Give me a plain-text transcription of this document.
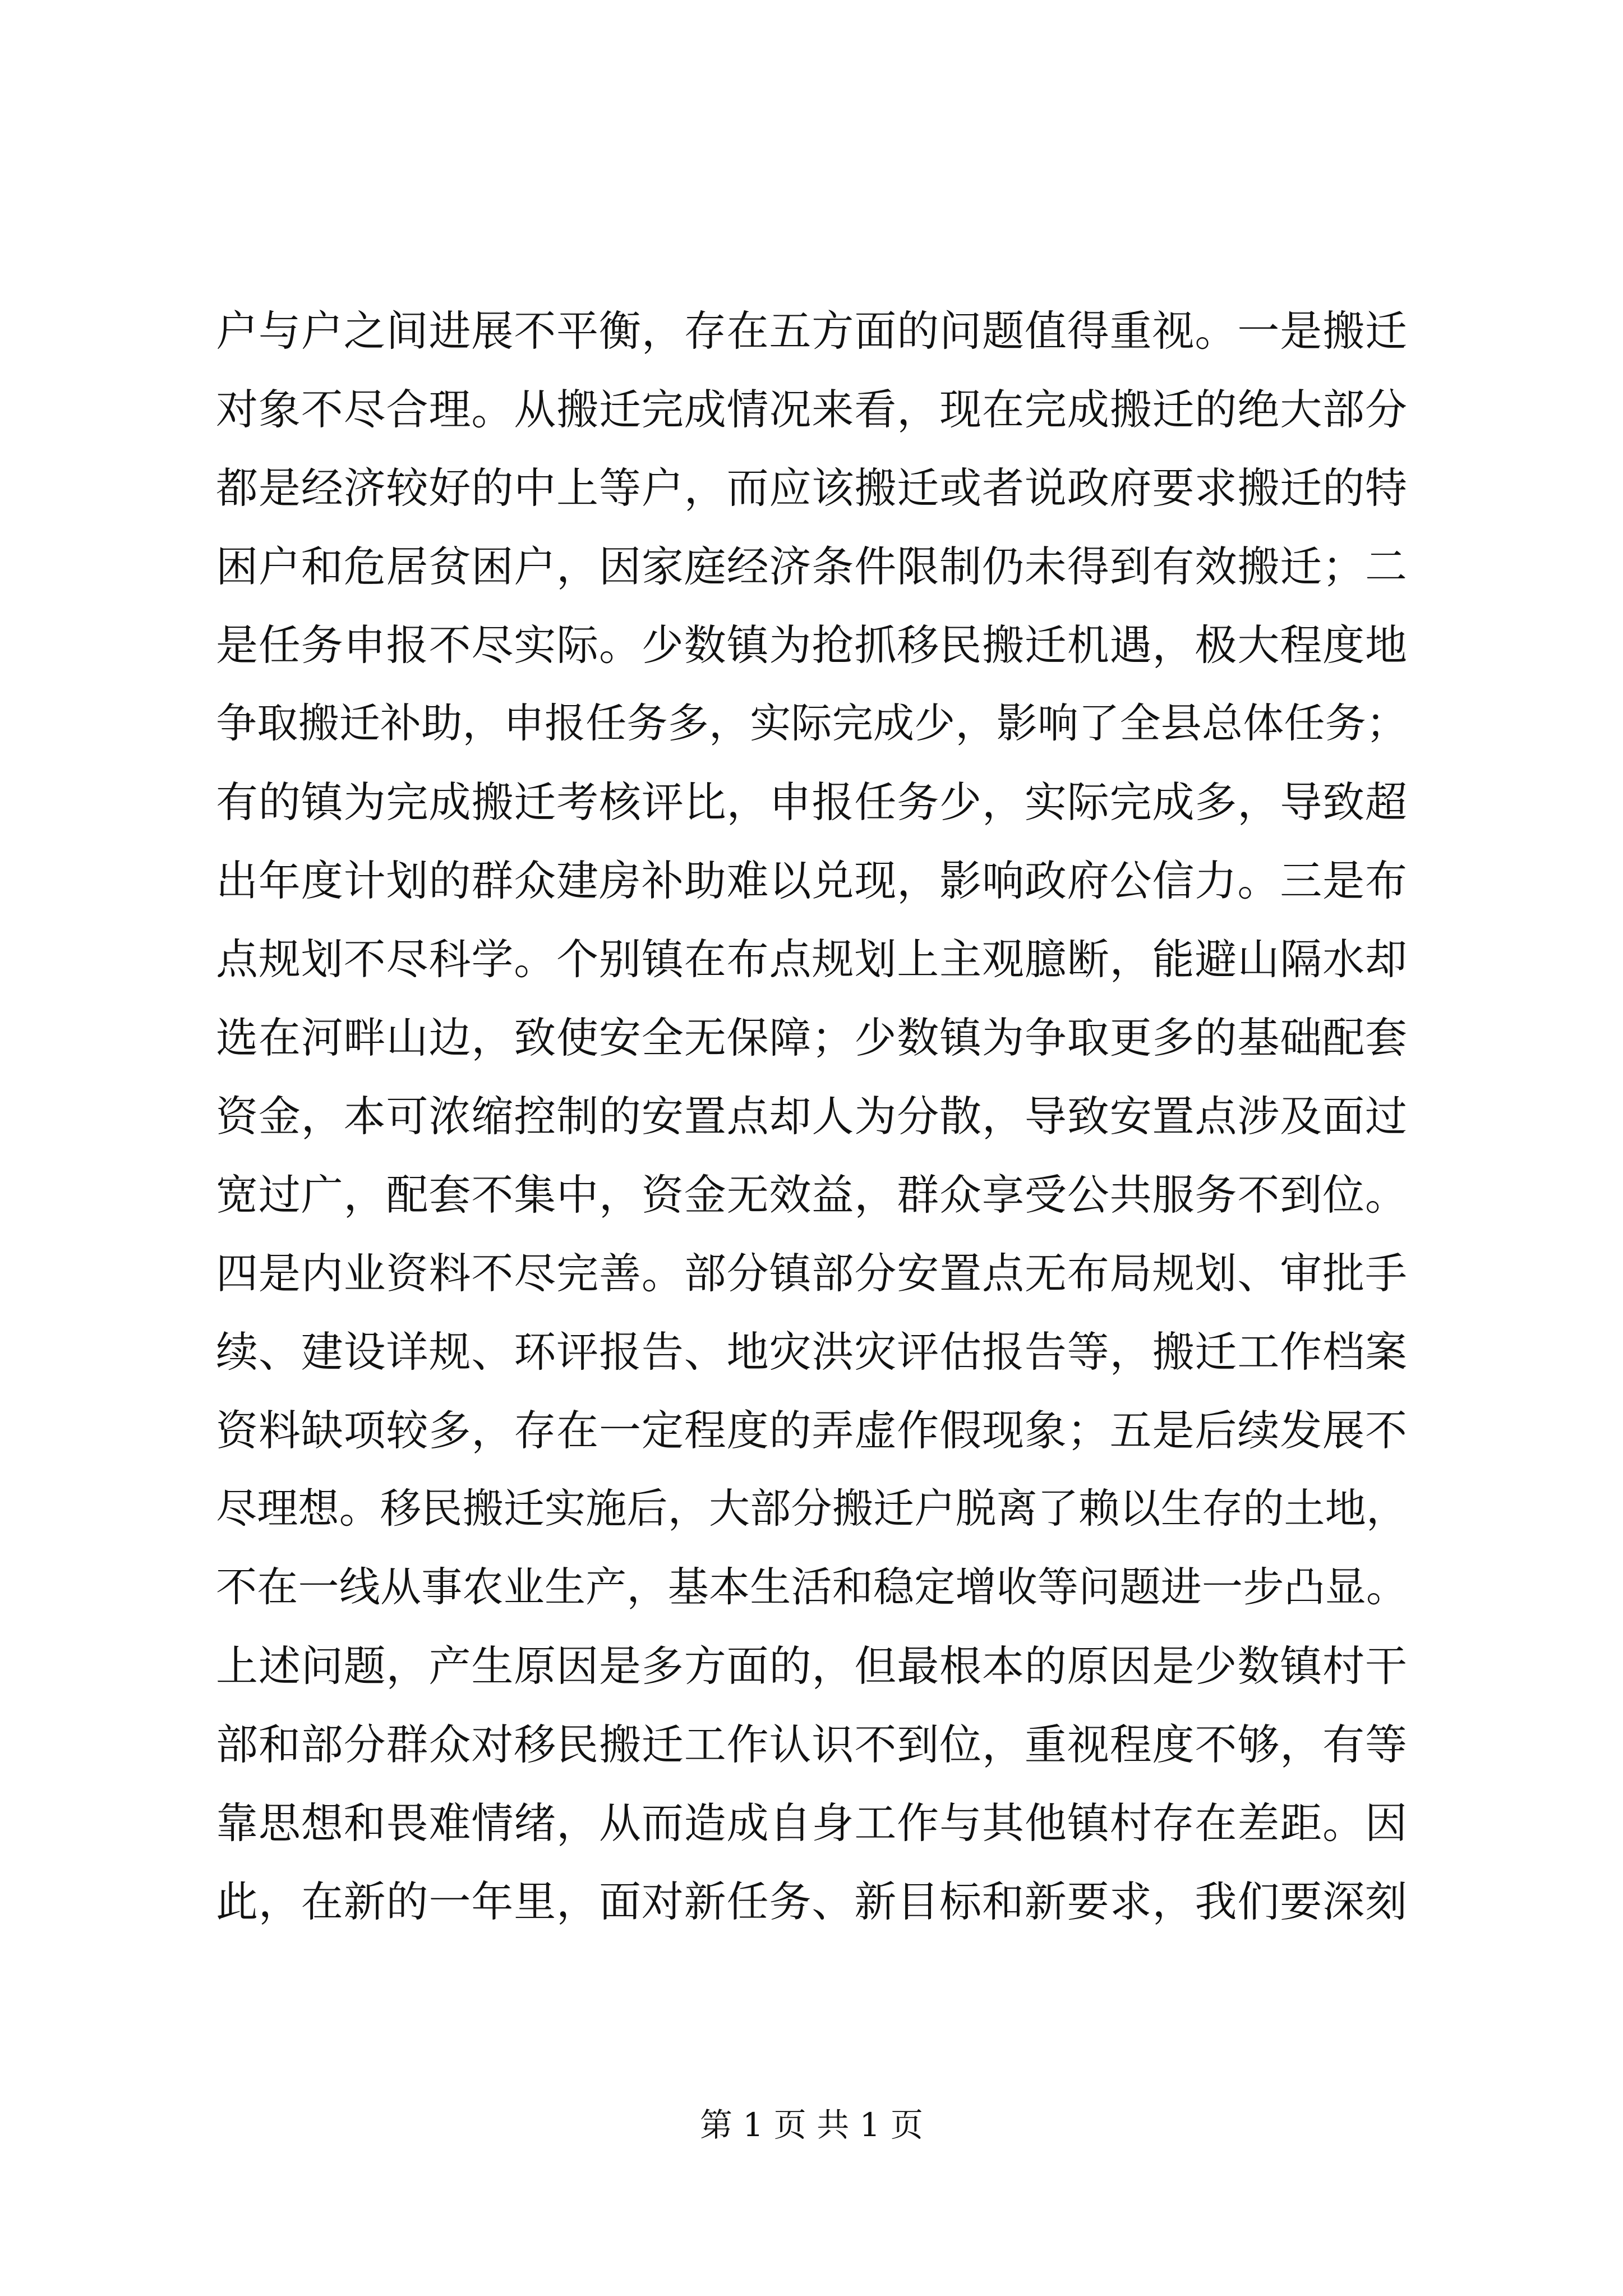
户与户之间进展不平衡，存在五方面的问题值得重视。一是搬迁
对象不尽合理。从搬迁完成情况来看，现在完成搬迁的绝大部分
都是经济较好的中上等户，而应该搬迁或者说政府要求搬迁的特
困户和危居贫困户，因家庭经济条件限制仍未得到有效搬迁；二
是任务申报不尽实际。少数镇为抢抓移民搬迁机遇，极大程度地
争取搬迁补助，申报任务多，实际完成少，影响了全县总体任务；
有的镇为完成搬迁考核评比，申报任务少，实际完成多，导致超
出年度计划的群众建房补助难以兑现，影响政府公信力。三是布
点规划不尽科学。个别镇在布点规划上主观臆断，能避山隔水却
选在河畔山边，致使安全无保障；少数镇为争取更多的基础配套
资金，本可浓缩控制的安置点却人为分散，导致安置点涉及面过
宽过广，配套不集中，资金无效益，群众享受公共服务不到位。
四是内业资料不尽完善。部分镇部分安置点无布局规划、审批手
续、建设详规、环评报告、地灾洪灾评估报告等，搬迁工作档案
资料缺项较多，存在一定程度的弄虚作假现象；五是后续发展不
尽理想。移民搬迁实施后，大部分搬迁户脱离了赖以生存的土地，
不在一线从事农业生产，基本生活和稳定增收等问题进一步凸显。
上述问题，产生原因是多方面的，但最根本的原因是少数镇村干
部和部分群众对移民搬迁工作认识不到位，重视程度不够，有等
靠思想和畏难情绪，从而造成自身工作与其他镇村存在差距。因
此，在新的一年里，面对新任务、新目标和新要求，我们要深刻
第 1 页 共 1 页
